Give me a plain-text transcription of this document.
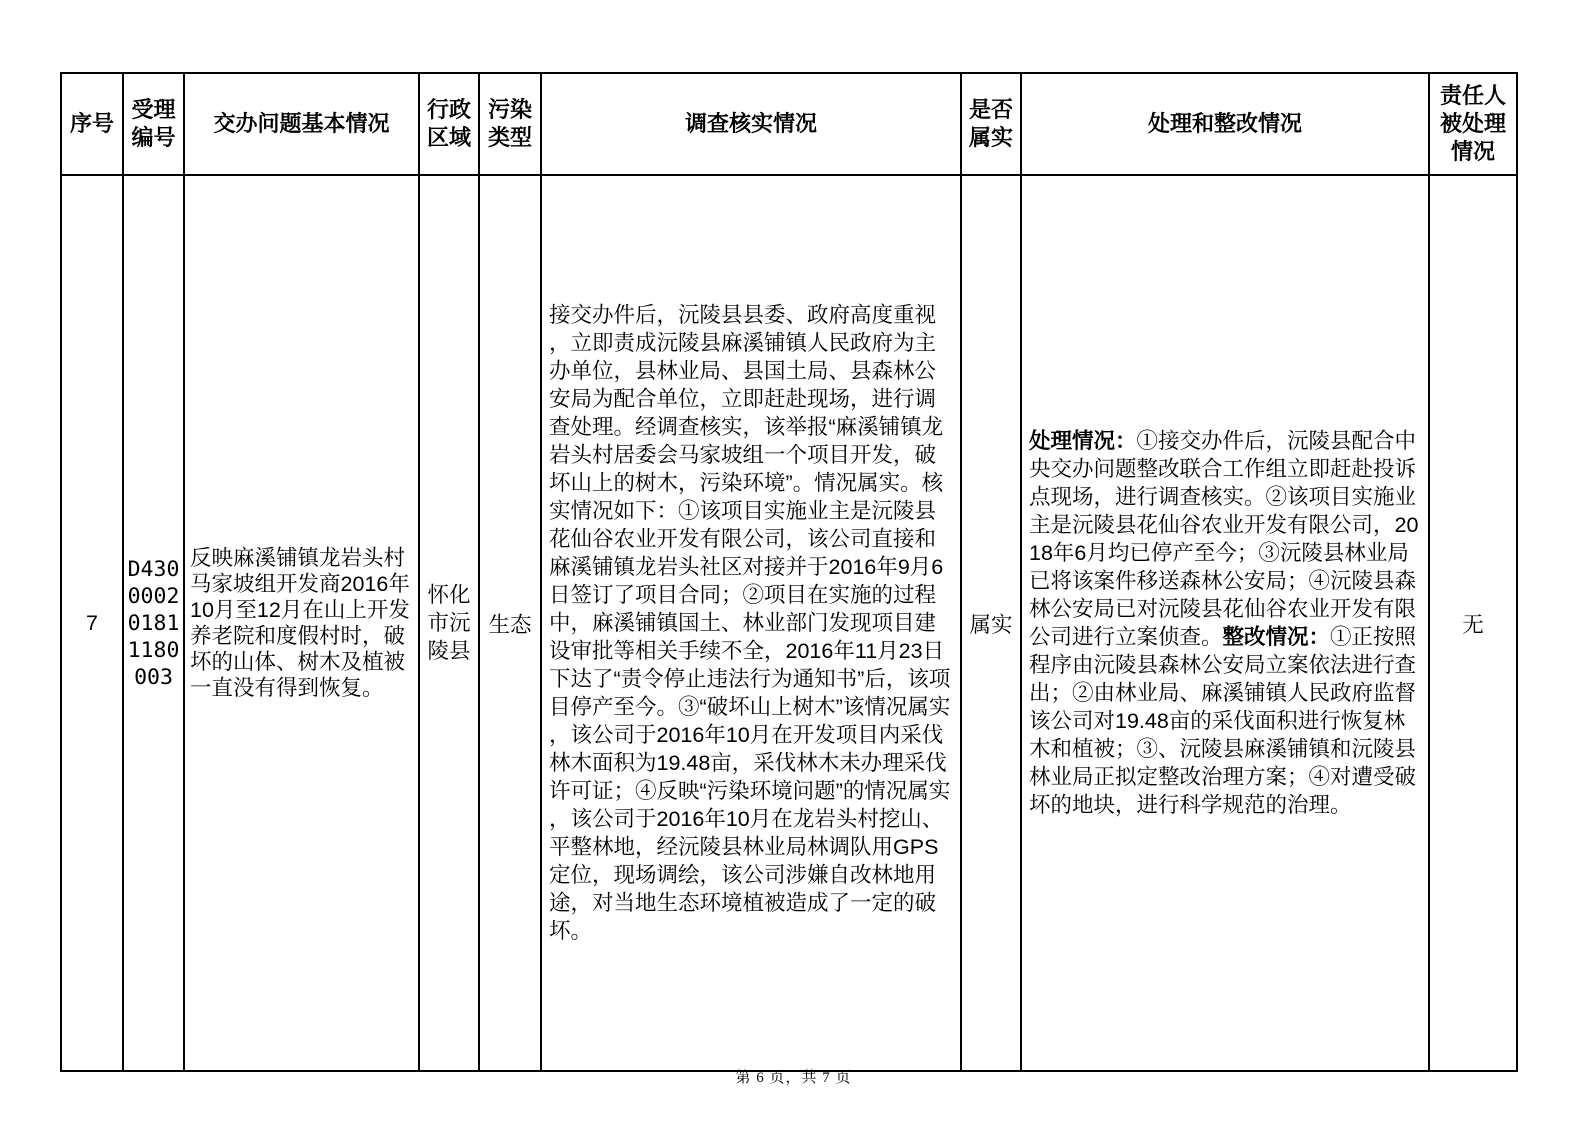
序号	受理编号	交办问题基本情况	行政区域	污染类型	调查核实情况	是否属实	处理和整改情况	责任人被处理情况
7	D430000201811180003	反映麻溪铺镇龙岩头村马家坡组开发商2016年10月至12月在山上开发养老院和度假村时，破坏的山体、树木及植被一直没有得到恢复。	怀化市沅陵县	生态	接交办件后，沅陵县县委、政府高度重视，立即责成沅陵县麻溪铺镇人民政府为主办单位，县林业局、县国土局、县森林公安局为配合单位，立即赶赴现场，进行调查处理。经调查核实，该举报“麻溪铺镇龙岩头村居委会马家坡组一个项目开发，破坏山上的树木，污染环境”。情况属实。核实情况如下：①该项目实施业主是沅陵县花仙谷农业开发有限公司，该公司直接和麻溪铺镇龙岩头社区对接并于2016年9月6日签订了项目合同；②项目在实施的过程中，麻溪铺镇国土、林业部门发现项目建设审批等相关手续不全，2016年11月23日下达了“责令停止违法行为通知书”后，该项目停产至今。③“破坏山上树木”该情况属实，该公司于2016年10月在开发项目内采伐林木面积为19.48亩，采伐林木未办理采伐许可证；④反映“污染环境问题”的情况属实，该公司于2016年10月在龙岩头村挖山、平整林地，经沅陵县林业局林调队用GPS定位，现场调绘，该公司涉嫌自改林地用途，对当地生态环境植被造成了一定的破坏。	属实	处理情况：①接交办件后，沅陵县配合中央交办问题整改联合工作组立即赶赴投诉点现场，进行调查核实。②该项目实施业主是沅陵县花仙谷农业开发有限公司，2018年6月均已停产至今；③沅陵县林业局已将该案件移送森林公安局；④沅陵县森林公安局已对沅陵县花仙谷农业开发有限公司进行立案侦查。整改情况：①正按照程序由沅陵县森林公安局立案依法进行查出；②由林业局、麻溪铺镇人民政府监督该公司对19.48亩的采伐面积进行恢复林木和植被；③、沅陵县麻溪铺镇和沅陵县林业局正拟定整改治理方案；④对遭受破坏的地块，进行科学规范的治理。	无
第 6 页，共 7 页
